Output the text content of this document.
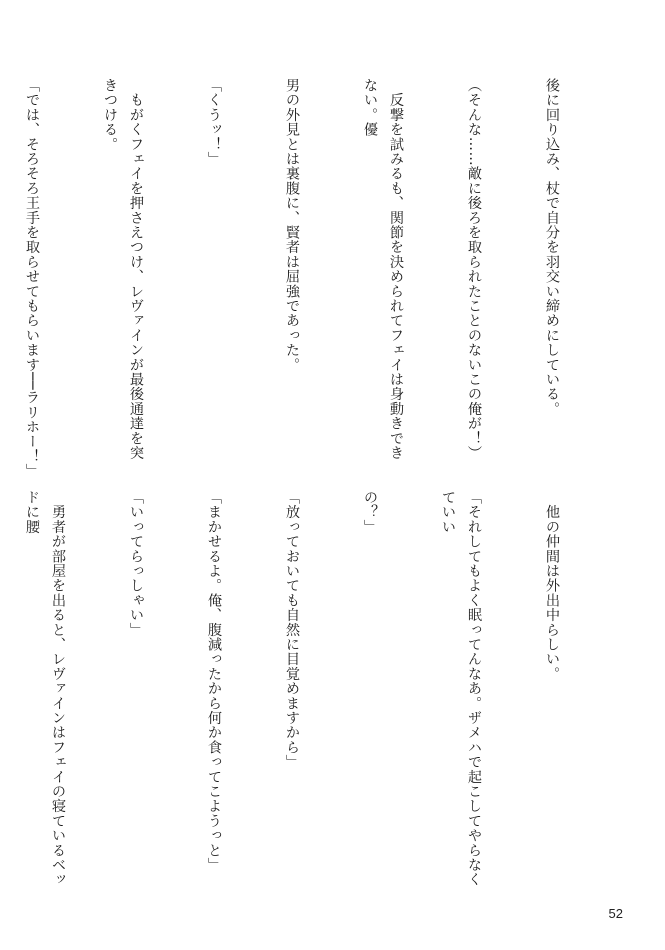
後に回り込み、杖で自分を羽交い締めにしている。

（そんな……敵に後ろを取られたことのないこの俺が！）

　反撃を試みるも、関節を決められてフェイは身動きできない。優

男の外見とは裏腹に、賢者は屈強であった。

「くうッ！」

　もがくフェイを押さえつけ、レヴァインが最後通達を突きつける。

「では、そろそろ王手を取らせてもらいます──ラリホー！」

　他の仲間は外出中らしい。

「それしてもよく眠ってんなあ。ザメハで起こしてやらなくていい

の？」

「放っておいても自然に目覚めますから」

「まかせるよ。俺、腹減ったから何か食ってこようっと」

「いってらっしゃい」

　勇者が部屋を出ると、レヴァインはフェイの寝ているベッドに腰

52
